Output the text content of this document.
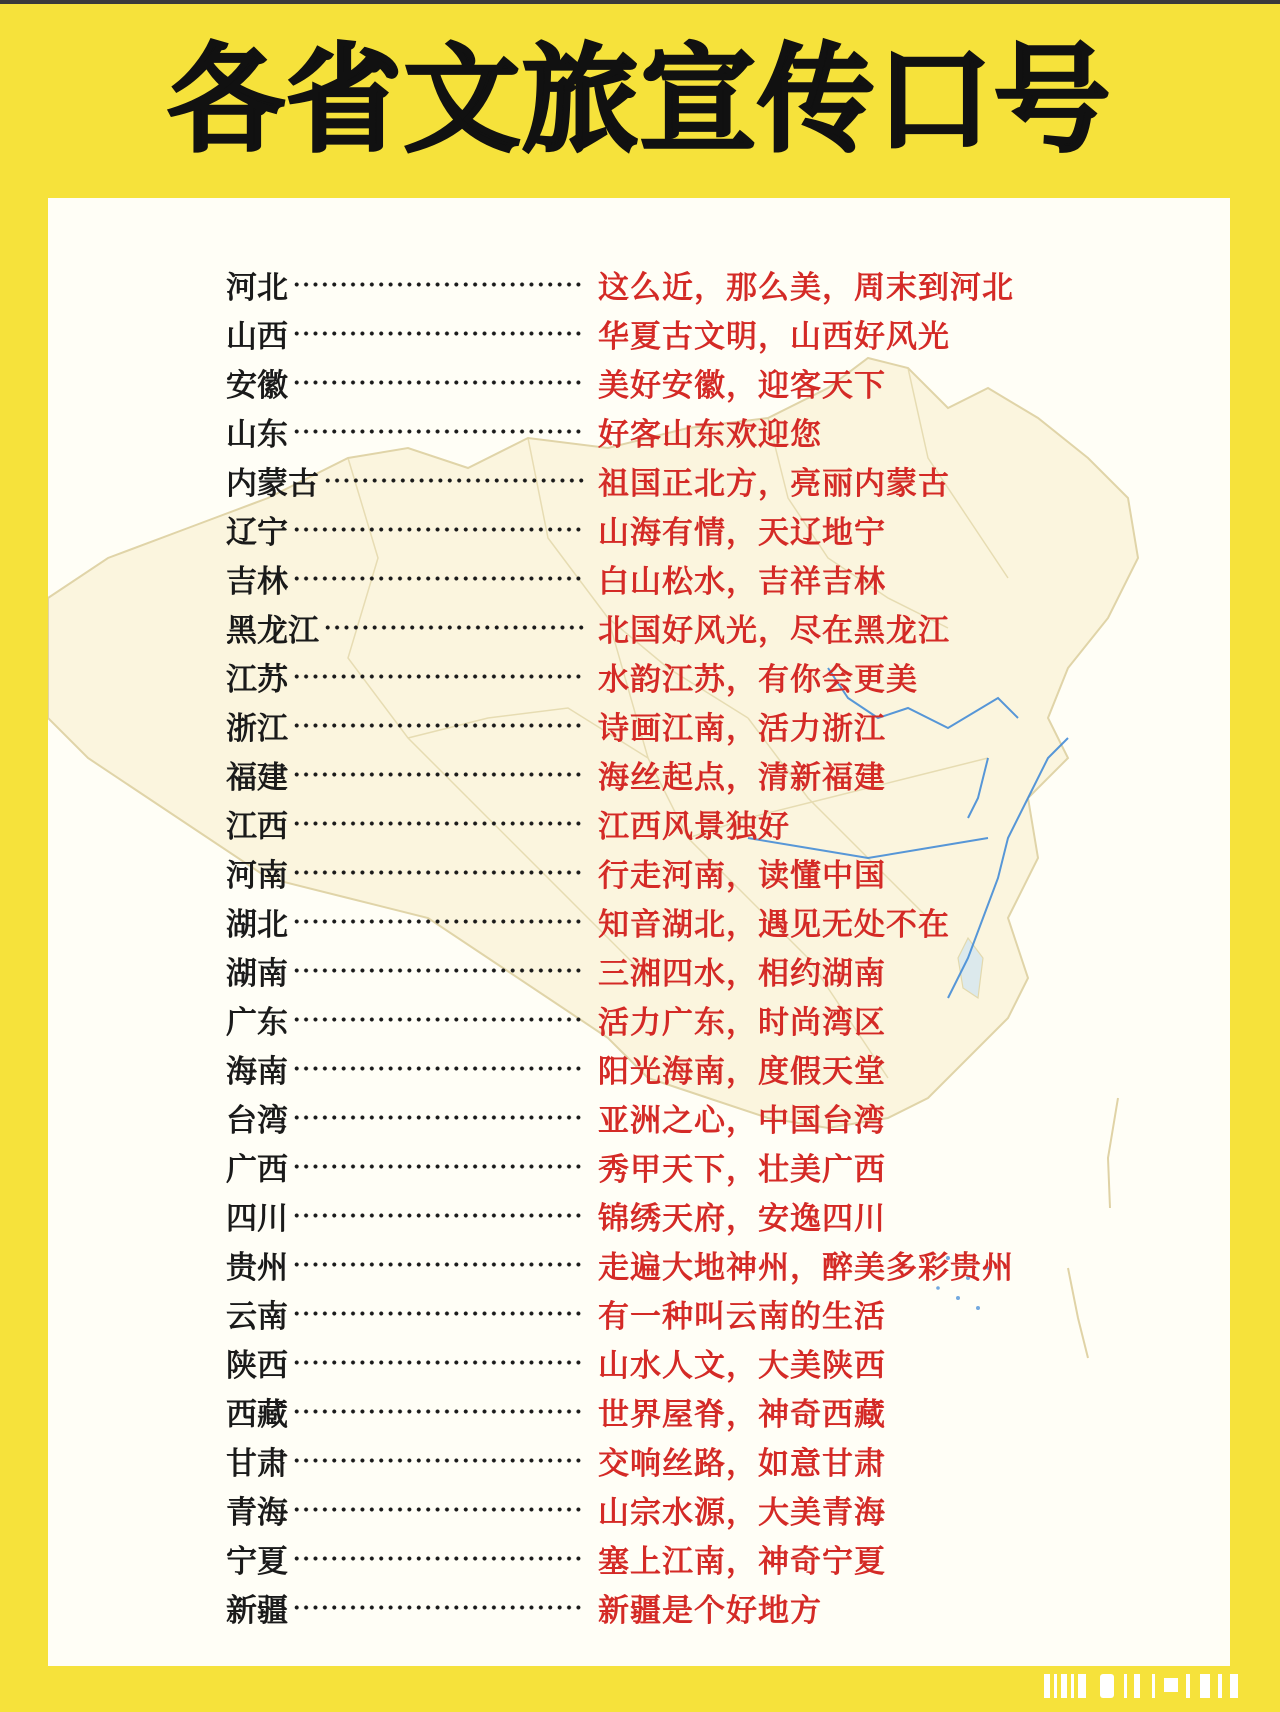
各省文旅宣传口号
河北	这么近，那么美，周末到河北
山西	华夏古文明，山西好风光
安徽	美好安徽，迎客天下
山东	好客山东欢迎您
内蒙古	祖国正北方，亮丽内蒙古
辽宁	山海有情，天辽地宁
吉林	白山松水，吉祥吉林
黑龙江	北国好风光，尽在黑龙江
江苏	水韵江苏，有你会更美
浙江	诗画江南，活力浙江
福建	海丝起点，清新福建
江西	江西风景独好
河南	行走河南，读懂中国
湖北	知音湖北，遇见无处不在
湖南	三湘四水，相约湖南
广东	活力广东，时尚湾区
海南	阳光海南，度假天堂
台湾	亚洲之心，中国台湾
广西	秀甲天下，壮美广西
四川	锦绣天府，安逸四川
贵州	走遍大地神州，醉美多彩贵州
云南	有一种叫云南的生活
陕西	山水人文，大美陕西
西藏	世界屋脊，神奇西藏
甘肃	交响丝路，如意甘肃
青海	山宗水源，大美青海
宁夏	塞上江南，神奇宁夏
新疆	新疆是个好地方
